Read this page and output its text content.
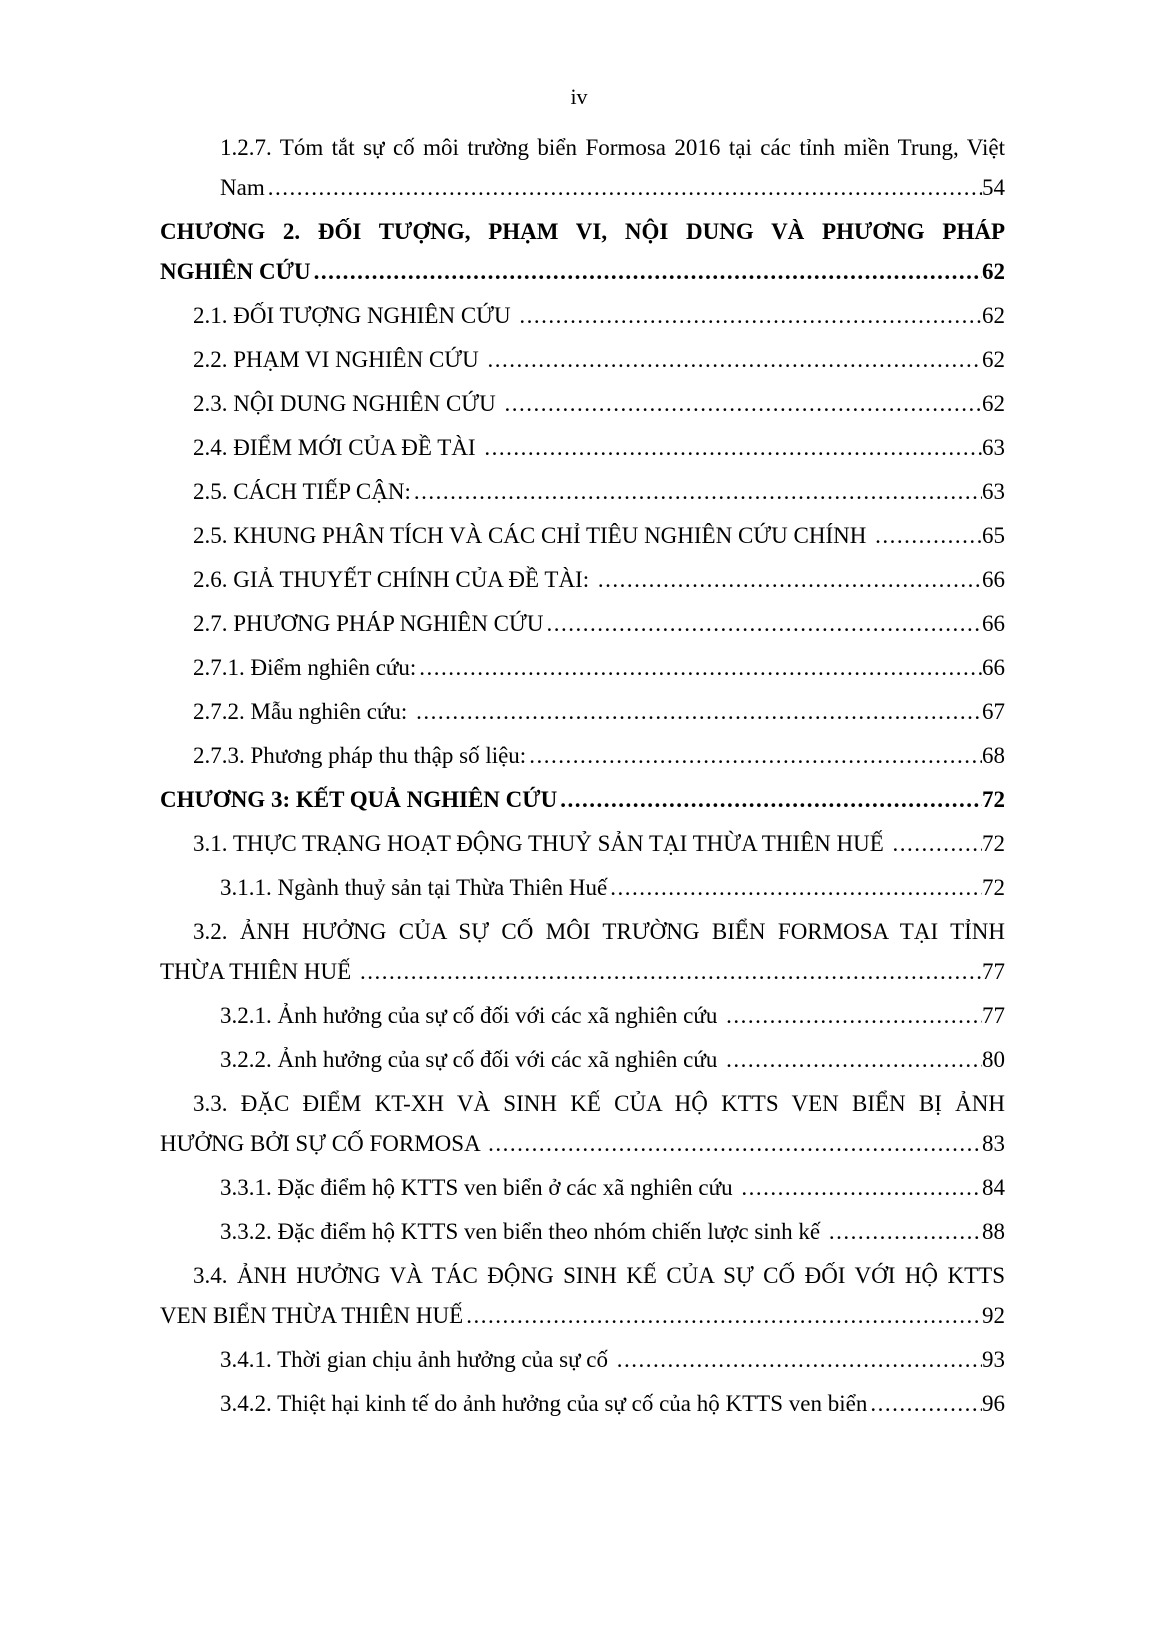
iv
1.2.7. Tóm tắt sự cố môi trường biển Formosa 2016 tại các tỉnh miền Trung, Việt
Nam .....	54
CHƯƠNG 2. ĐỐI TƯỢNG, PHẠM VI, NỘI DUNG VÀ PHƯƠNG PHÁP
NGHIÊN CỨU .....	62
2.1. ĐỐI TƯỢNG NGHIÊN CỨU .....	62
2.2. PHẠM VI NGHIÊN CỨU .....	62
2.3. NỘI DUNG NGHIÊN CỨU .....	62
2.4. ĐIỂM MỚI CỦA ĐỀ TÀI .....	63
2.5. CÁCH TIẾP CẬN: .....	63
2.5. KHUNG PHÂN TÍCH VÀ CÁC CHỈ TIÊU NGHIÊN CỨU CHÍNH .....	65
2.6. GIẢ THUYẾT CHÍNH CỦA ĐỀ TÀI: .....	66
2.7. PHƯƠNG PHÁP NGHIÊN CỨU .....	66
2.7.1. Điểm nghiên cứu: .....	66
2.7.2. Mẫu nghiên cứu: .....	67
2.7.3. Phương pháp thu thập số liệu: .....	68
CHƯƠNG 3: KẾT QUẢ NGHIÊN CỨU .....	72
3.1. THỰC TRẠNG HOẠT ĐỘNG THUỶ SẢN TẠI THỪA THIÊN HUẾ .....	72
3.1.1. Ngành thuỷ sản tại Thừa Thiên Huế .....	72
3.2. ẢNH HƯỞNG CỦA SỰ CỐ MÔI TRƯỜNG BIỂN FORMOSA TẠI TỈNH
THỪA THIÊN HUẾ .....	77
3.2.1. Ảnh hưởng của sự cố đối với các xã nghiên cứu .....	77
3.2.2. Ảnh hưởng của sự cố đối với các xã nghiên cứu .....	80
3.3. ĐẶC ĐIỂM KT-XH VÀ SINH KẾ CỦA HỘ KTTS VEN BIỂN BỊ ẢNH
HƯỞNG BỞI SỰ CỐ FORMOSA .....	83
3.3.1. Đặc điểm hộ KTTS ven biển ở các xã nghiên cứu .....	84
3.3.2. Đặc điểm hộ KTTS ven biển theo nhóm chiến lược sinh kế .....	88
3.4. ẢNH HƯỞNG VÀ TÁC ĐỘNG SINH KẾ CỦA SỰ CỐ ĐỐI VỚI HỘ KTTS
VEN BIỂN THỪA THIÊN HUẾ .....	92
3.4.1. Thời gian chịu ảnh hưởng của sự cố .....	93
3.4.2. Thiệt hại kinh tế do ảnh hưởng của sự cố của hộ KTTS ven biển .....	96
